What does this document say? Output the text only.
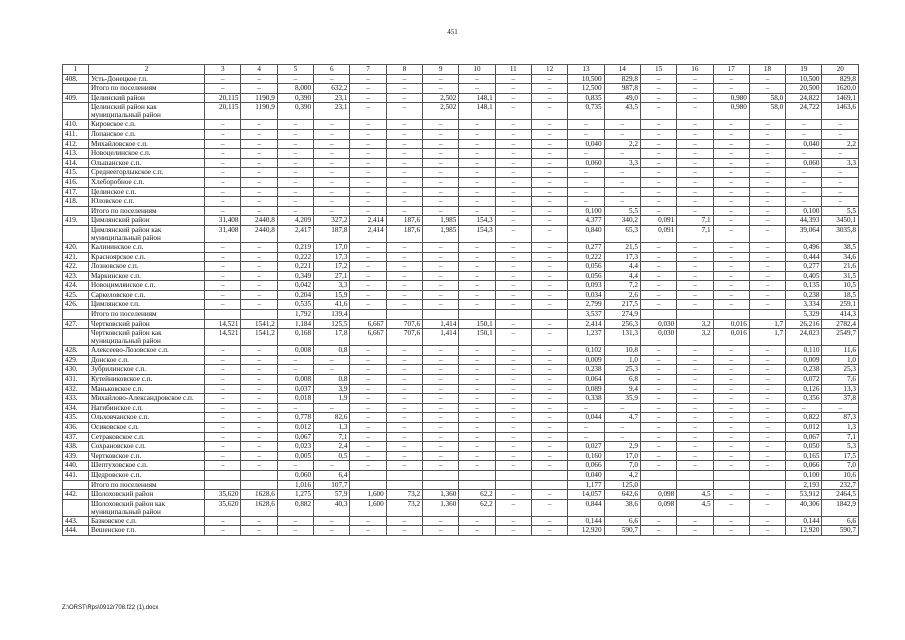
451
1	2	3	4	5	6	7	8	9	10	11	12	13	14	15	16	17	18	19	20
408.	Усть-Донецкое г.п.	–	–	–	–	–	–	–	–	–	–	10,500	829,8	–	–	–	–	10,500	829,8
	Итого по поселениям	–	–	8,000	632,2	–	–	–	–	–	–	12,500	987,8	–	–	–	–	20,500	1620,0
409.	Целинский район	20,115	1190,9	0,390	23,1	–	–	2,502	148,1	–	–	0,835	49,0	–	–	0,980	58,0	24,822	1469,1
	Целинский район как муниципальный район	20,115	1190,9	0,390	23,1	–	–	2,502	148,1	–	–	0,735	43,5	–	–	0,980	58,0	24,722	1463,6
410.	Кировское с.п.	–	–	–	–	–	–	–	–	–	–	–	–	–	–	–	–	–	–
411.	Лопанское с.п.	–	–	–	–	–	–	–	–	–	–	–	–	–	–	–	–	–	–
412.	Михайловское с.п.	–	–	–	–	–	–	–	–	–	–	0,040	2,2	–	–	–	–	0,040	2,2
413.	Новоцелинское с.п.	–	–	–	–	–	–	–	–	–	–	–	–	–	–	–	–	–	–
414.	Ольшанское с.п.	–	–	–	–	–	–	–	–	–	–	0,060	3,3	–	–	–	–	0,060	3,3
415.	Среднеегорлыкское с.п.	–	–	–	–	–	–	–	–	–	–	–	–	–	–	–	–	–	–
416.	Хлеборобное с.п.	–	–	–	–	–	–	–	–	–	–	–	–	–	–	–	–	–	–
417.	Целинское с.п.	–	–	–	–	–	–	–	–	–	–	–	–	–	–	–	–	–	–
418.	Юловское с.п.	–	–	–	–	–	–	–	–	–	–	–	–	–	–	–	–	–	–
	Итого по поселениям	–	–	–	–	–	–	–	–	–	–	0,100	5,5	–	–	–	–	0,100	5,5
419.	Цимлянский район	31,408	2440,8	4,209	327,2	2,414	187,6	1,985	154,3	–	–	4,377	340,2	0,091	7,1	–	–	44,393	3450,1
	Цимлянский район как муниципальный район	31,408	2440,8	2,417	187,8	2,414	187,6	1,985	154,3	–	–	0,840	65,3	0,091	7,1	–	–	39,064	3035,8
420.	Калининское с.п.	–	–	0,219	17,0	–	–	–	–	–	–	0,277	21,5	–	–	–	–	0,496	38,5
421.	Красноярское с.п.	–	–	0,222	17,3	–	–	–	–	–	–	0,222	17,3	–	–	–	–	0,444	34,6
422.	Лозновское с.п.	–	–	0,221	17,2	–	–	–	–	–	–	0,056	4,4	–	–	–	–	0,277	21,6
423.	Маркинское с.п.	–	–	0,349	27,1	–	–	–	–	–	–	0,056	4,4	–	–	–	–	0,405	31,5
424.	Новоцимлянское с.п.	–	–	0,042	3,3	–	–	–	–	–	–	0,093	7,2	–	–	–	–	0,135	10,5
425.	Саркеловское с.п.	–	–	0,204	15,9	–	–	–	–	–	–	0,034	2,6	–	–	–	–	0,238	18,5
426.	Цимлянское г.п.	–	–	0,535	41,6	–	–	–	–	–	–	2,799	217,5	–	–	–	–	3,334	259,1
	Итого по поселениям			1,792	139,4							3,537	274,9					5,329	414,3
427.	Чертковский район	14,521	1541,2	1,184	125,5	6,667	707,6	1,414	150,1	–	–	2,414	256,3	0,030	3,2	0,016	1,7	26,216	2782,4
	Чертковский район как муниципальный район	14,521	1541,2	0,168	17,8	6,667	707,6	1,414	150,1	–	–	1,237	131,3	0,030	3,2	0,016	1,7	24,023	2549,7
428.	Алексеево-Лозовское с.п.	–	–	0,008	0,8	–	–	–	–	–	–	0,102	10,8	–	–	–	–	0,110	11,6
429.	Донское с.п.	–	–	–	–	–	–	–	–	–	–	0,009	1,0	–	–	–	–	0,009	1,0
430.	Зубрилинское с.п.	–	–	–	–	–	–	–	–	–	–	0,238	25,3	–	–	–	–	0,238	25,3
431.	Кутейниковское с.п.	–	–	0,008	0,8	–	–	–	–	–	–	0,064	6,8	–	–	–	–	0,072	7,6
432.	Маньковское с.п.	–	–	0,037	3,9	–	–	–	–	–	–	0,089	9,4	–	–	–	–	0,126	13,3
433.	Михайлово-Александровское с.п.	–	–	0,018	1,9	–	–	–	–	–	–	0,338	35,9	–	–	–	–	0,356	37,8
434.	Нагибинское с.п.	–	–	–	–	–	–	–	–	–	–	–	–	–	–	–	–	–	–
435.	Ольховчанское с.п.	–	–	0,778	82,6	–	–	–	–	–	–	0,044	4,7	–	–	–	–	0,822	87,3
436.	Осиковское с.п.	–	–	0,012	1,3	–	–	–	–	–	–	–	–	–	–	–	–	0,012	1,3
437.	Сетраковское с.п.	–	–	0,067	7,1	–	–	–	–	–	–	–	–	–	–	–	–	0,067	7,1
438.	Сохрановское с.п.	–	–	0,023	2,4	–	–	–	–	–	–	0,027	2,9	–	–	–	–	0,050	5,3
439.	Чертковское с.п.	–	–	0,005	0,5	–	–	–	–	–	–	0,160	17,0	–	–	–	–	0,165	17,5
440.	Шептуховское с.п.	–	–	–	–	–	–	–	–	–	–	0,066	7,0	–	–	–	–	0,066	7,0
441.	Щедровское с.п.			0,060	6,4							0,040	4,2					0,100	10,6
	Итого по поселениям			1,016	107,7							1,177	125,0					2,193	232,7
442.	Шолоховский район	35,620	1628,6	1,275	57,9	1,600	73,2	1,360	62,2	–	–	14,057	642,6	0,098	4,5	–	–	53,912	2464,5
	Шолоховский район как муниципальный район	35,620	1628,6	0,882	40,3	1,600	73,2	1,360	62,2	–	–	0,844	38,6	0,098	4,5	–	–	40,306	1842,9
443.	Базковское с.п.	–	–	–	–	–	–	–	–	–	–	0,144	6,6	–	–	–	–	0,144	6,6
444.	Вешенское г.п.	–	–	–	–	–	–	–	–	–	–	12,920	590,7	–	–	–	–	12,920	590,7
Z:\ORST\Rps\0912r708.f22 (1).docx
